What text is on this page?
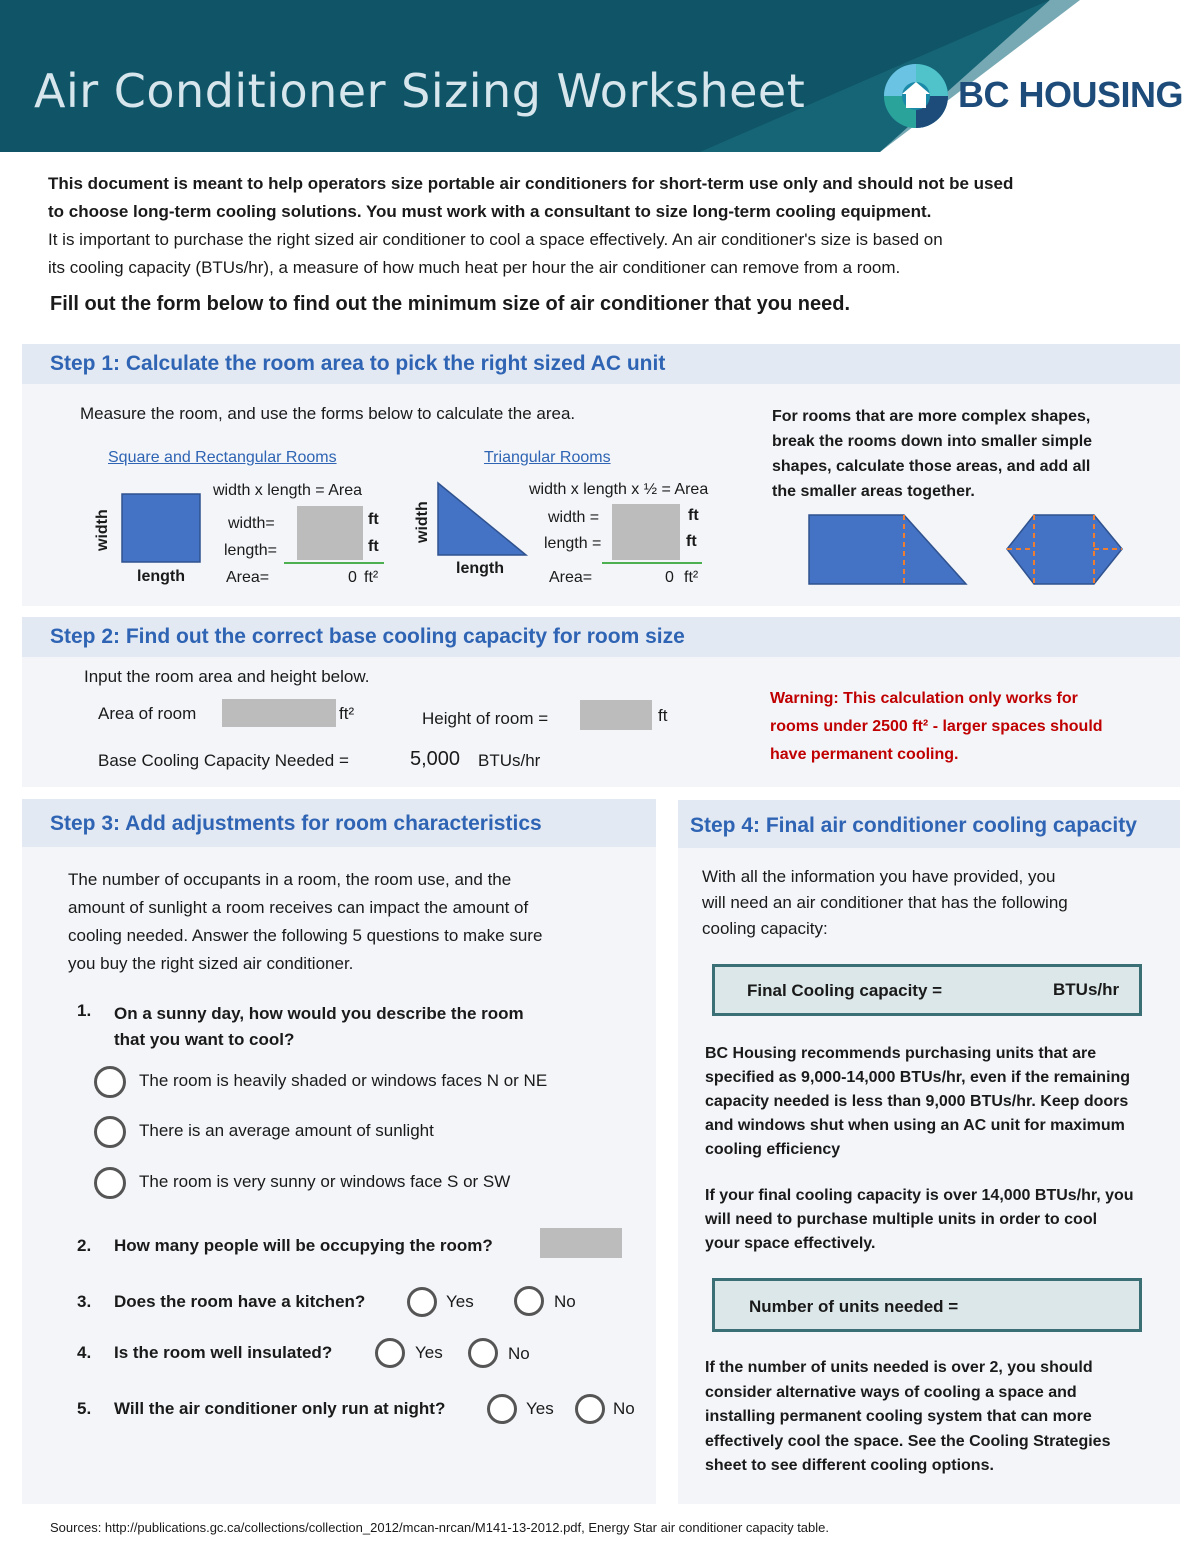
Air Conditioner Sizing Worksheet	BC HOUSING
This document is meant to help operators size portable air conditioners for short-term use only and should not be used
to choose long-term cooling solutions. You must work with a consultant to size long-term cooling equipment.
It is important to purchase the right sized air conditioner to cool a space effectively. An air conditioner's size is based on
its cooling capacity (BTUs/hr), a measure of how much heat per hour the air conditioner can remove from a room.
Fill out the form below to find out the minimum size of air conditioner that you need.
Step 1: Calculate the room area to pick the right sized AC unit
Measure the room, and use the forms below to calculate the area.
Square and Rectangular Rooms
width
length
width x length = Area
width=	ft
length=	ft
Area=	0 ft²
Triangular Rooms
width
length
width x length x ½ = Area
width =	ft
length =	ft
Area=	0 ft²
For rooms that are more complex shapes,
break the rooms down into smaller simple
shapes, calculate those areas, and add all
the smaller areas together.
Step 2: Find out the correct base cooling capacity for room size
Input the room area and height below.
Area of room	ft²	Height of room =	ft
Base Cooling Capacity Needed =	5,000 BTUs/hr
Warning: This calculation only works for
rooms under 2500 ft² - larger spaces should
have permanent cooling.
Step 3: Add adjustments for room characteristics
The number of occupants in a room, the room use, and the
amount of sunlight a room receives can impact the amount of
cooling needed. Answer the following 5 questions to make sure
you buy the right sized air conditioner.
1. On a sunny day, how would you describe the room
that you want to cool?
The room is heavily shaded or windows faces N or NE
There is an average amount of sunlight
The room is very sunny or windows face S or SW
2. How many people will be occupying the room?
3. Does the room have a kitchen?	Yes	No
4. Is the room well insulated?	Yes	No
5. Will the air conditioner only run at night?	Yes	No
Step 4: Final air conditioner cooling capacity
With all the information you have provided, you
will need an air conditioner that has the following
cooling capacity:
Final Cooling capacity =	BTUs/hr
BC Housing recommends purchasing units that are
specified as 9,000-14,000 BTUs/hr, even if the remaining
capacity needed is less than 9,000 BTUs/hr. Keep doors
and windows shut when using an AC unit for maximum
cooling efficiency
If your final cooling capacity is over 14,000 BTUs/hr, you
will need to purchase multiple units in order to cool
your space effectively.
Number of units needed =
If the number of units needed is over 2, you should
consider alternative ways of cooling a space and
installing permanent cooling system that can more
effectively cool the space. See the Cooling Strategies
sheet to see different cooling options.
Sources: http://publications.gc.ca/collections/collection_2012/mcan-nrcan/M141-13-2012.pdf, Energy Star air conditioner capacity table.
